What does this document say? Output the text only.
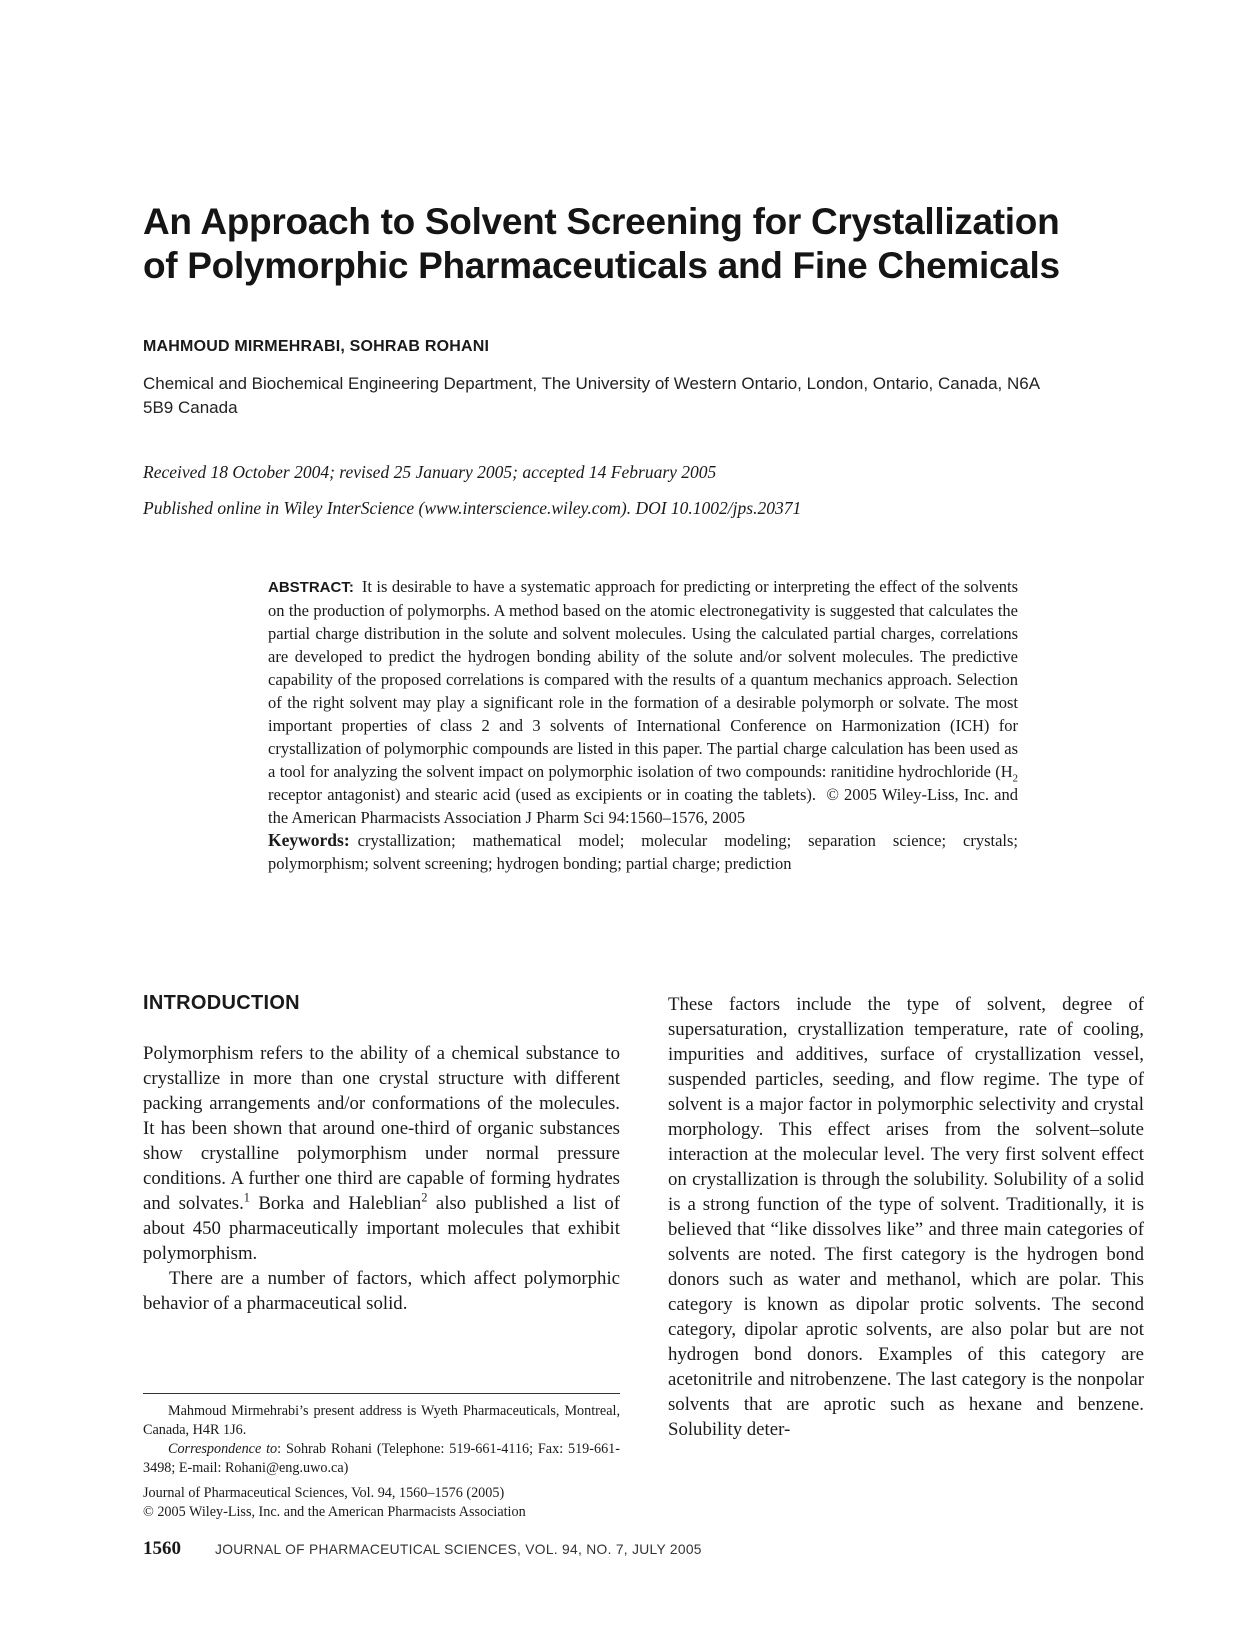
An Approach to Solvent Screening for Crystallization of Polymorphic Pharmaceuticals and Fine Chemicals
MAHMOUD MIRMEHRABI, SOHRAB ROHANI
Chemical and Biochemical Engineering Department, The University of Western Ontario, London, Ontario, Canada, N6A 5B9 Canada
Received 18 October 2004; revised 25 January 2005; accepted 14 February 2005
Published online in Wiley InterScience (www.interscience.wiley.com). DOI 10.1002/jps.20371

ABSTRACT: It is desirable to have a systematic approach for predicting or interpreting the effect of the solvents on the production of polymorphs. A method based on the atomic electronegativity is suggested that calculates the partial charge distribution in the solute and solvent molecules. Using the calculated partial charges, correlations are developed to predict the hydrogen bonding ability of the solute and/or solvent molecules. The predictive capability of the proposed correlations is compared with the results of a quantum mechanics approach. Selection of the right solvent may play a significant role in the formation of a desirable polymorph or solvate. The most important properties of class 2 and 3 solvents of International Conference on Harmonization (ICH) for crystallization of polymorphic compounds are listed in this paper. The partial charge calculation has been used as a tool for analyzing the solvent impact on polymorphic isolation of two compounds: ranitidine hydrochloride ($H_2$ receptor antagonist) and stearic acid (used as excipients or in coating the tablets). © 2005 Wiley-Liss, Inc. and the American Pharmacists Association J Pharm Sci 94:1560–1576, 2005

Keywords: crystallization; mathematical model; molecular modeling; separation science; crystals; polymorphism; solvent screening; hydrogen bonding; partial charge; prediction

INTRODUCTION

Polymorphism refers to the ability of a chemical substance to crystallize in more than one crystal structure with different packing arrangements and/or conformations of the molecules. It has been shown that around one-third of organic substances show crystalline polymorphism under normal pressure conditions. A further one third are capable of forming hydrates and solvates.$^1$ Borka and Haleblian$^2$ also published a list of about 450 pharmaceutically important molecules that exhibit polymorphism.

There are a number of factors, which affect polymorphic behavior of a pharmaceutical solid.

Mahmoud Mirmehrabi’s present address is Wyeth Pharmaceuticals, Montreal, Canada, H4R 1J6.

Correspondence to: Sohrab Rohani (Telephone: 519-661-4116; Fax: 519-661-3498; E-mail: Rohani@eng.uwo.ca)

Journal of Pharmaceutical Sciences, Vol. 94, 1560–1576 (2005)

© 2005 Wiley-Liss, Inc. and the American Pharmacists Association

These factors include the type of solvent, degree of supersaturation, crystallization temperature, rate of cooling, impurities and additives, surface of crystallization vessel, suspended particles, seeding, and flow regime. The type of solvent is a major factor in polymorphic selectivity and crystal morphology. This effect arises from the solvent–solute interaction at the molecular level. The very first solvent effect on crystallization is through the solubility. Solubility of a solid is a strong function of the type of solvent. Traditionally, it is believed that “like dissolves like” and three main categories of solvents are noted. The first category is the hydrogen bond donors such as water and methanol, which are polar. This category is known as dipolar protic solvents. The second category, dipolar aprotic solvents, are also polar but are not hydrogen bond donors. Examples of this category are acetonitrile and nitrobenzene. The last category is the nonpolar solvents that are aprotic such as hexane and benzene. Solubility deter-

1560 JOURNAL OF PHARMACEUTICAL SCIENCES, VOL. 94, NO. 7, JULY 2005
